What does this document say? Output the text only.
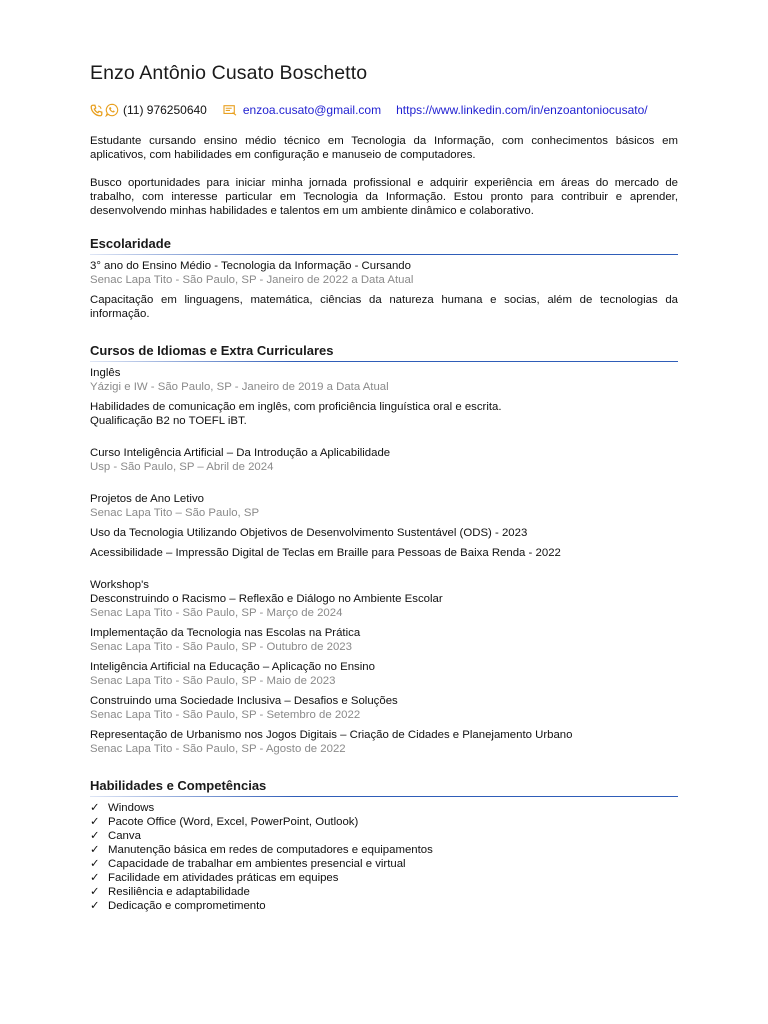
Enzo Antônio Cusato Boschetto
(11) 976250640	enzoa.cusato@gmail.com https://www.linkedin.com/in/enzoantoniocusato/

Estudante cursando ensino médio técnico em Tecnologia da Informação, com conhecimentos básicos em aplicativos, com habilidades em configuração e manuseio de computadores.

Busco oportunidades para iniciar minha jornada profissional e adquirir experiência em áreas do mercado de trabalho, com interesse particular em Tecnologia da Informação. Estou pronto para contribuir e aprender, desenvolvendo minhas habilidades e talentos em um ambiente dinâmico e colaborativo.

Escolaridade
3° ano do Ensino Médio - Tecnologia da Informação - Cursando
Senac Lapa Tito - São Paulo, SP - Janeiro de 2022 a Data Atual
Capacitação em linguagens, matemática, ciências da natureza humana e socias, além de tecnologias da informação.
Cursos de Idiomas e Extra Curriculares
Inglês
Yázigi e IW - São Paulo, SP - Janeiro de 2019 a Data Atual
Habilidades de comunicação em inglês, com proficiência linguística oral e escrita.
Qualificação B2 no TOEFL iBT.
Curso Inteligência Artificial – Da Introdução a Aplicabilidade
Usp - São Paulo, SP – Abril de 2024
Projetos de Ano Letivo
Senac Lapa Tito – São Paulo, SP
Uso da Tecnologia Utilizando Objetivos de Desenvolvimento Sustentável (ODS) - 2023
Acessibilidade – Impressão Digital de Teclas em Braille para Pessoas de Baixa Renda - 2022
Workshop's
Desconstruindo o Racismo – Reflexão e Diálogo no Ambiente Escolar
Senac Lapa Tito - São Paulo, SP - Março de 2024
Implementação da Tecnologia nas Escolas na Prática
Senac Lapa Tito - São Paulo, SP - Outubro de 2023
Inteligência Artificial na Educação – Aplicação no Ensino
Senac Lapa Tito - São Paulo, SP - Maio de 2023
Construindo uma Sociedade Inclusiva – Desafios e Soluções
Senac Lapa Tito - São Paulo, SP - Setembro de 2022
Representação de Urbanismo nos Jogos Digitais – Criação de Cidades e Planejamento Urbano
Senac Lapa Tito - São Paulo, SP - Agosto de 2022
Habilidades e Competências
✓ Windows
✓ Pacote Office (Word, Excel, PowerPoint, Outlook)
✓ Canva
✓ Manutenção básica em redes de computadores e equipamentos
✓ Capacidade de trabalhar em ambientes presencial e virtual
✓ Facilidade em atividades práticas em equipes
✓ Resiliência e adaptabilidade
✓ Dedicação e comprometimento
